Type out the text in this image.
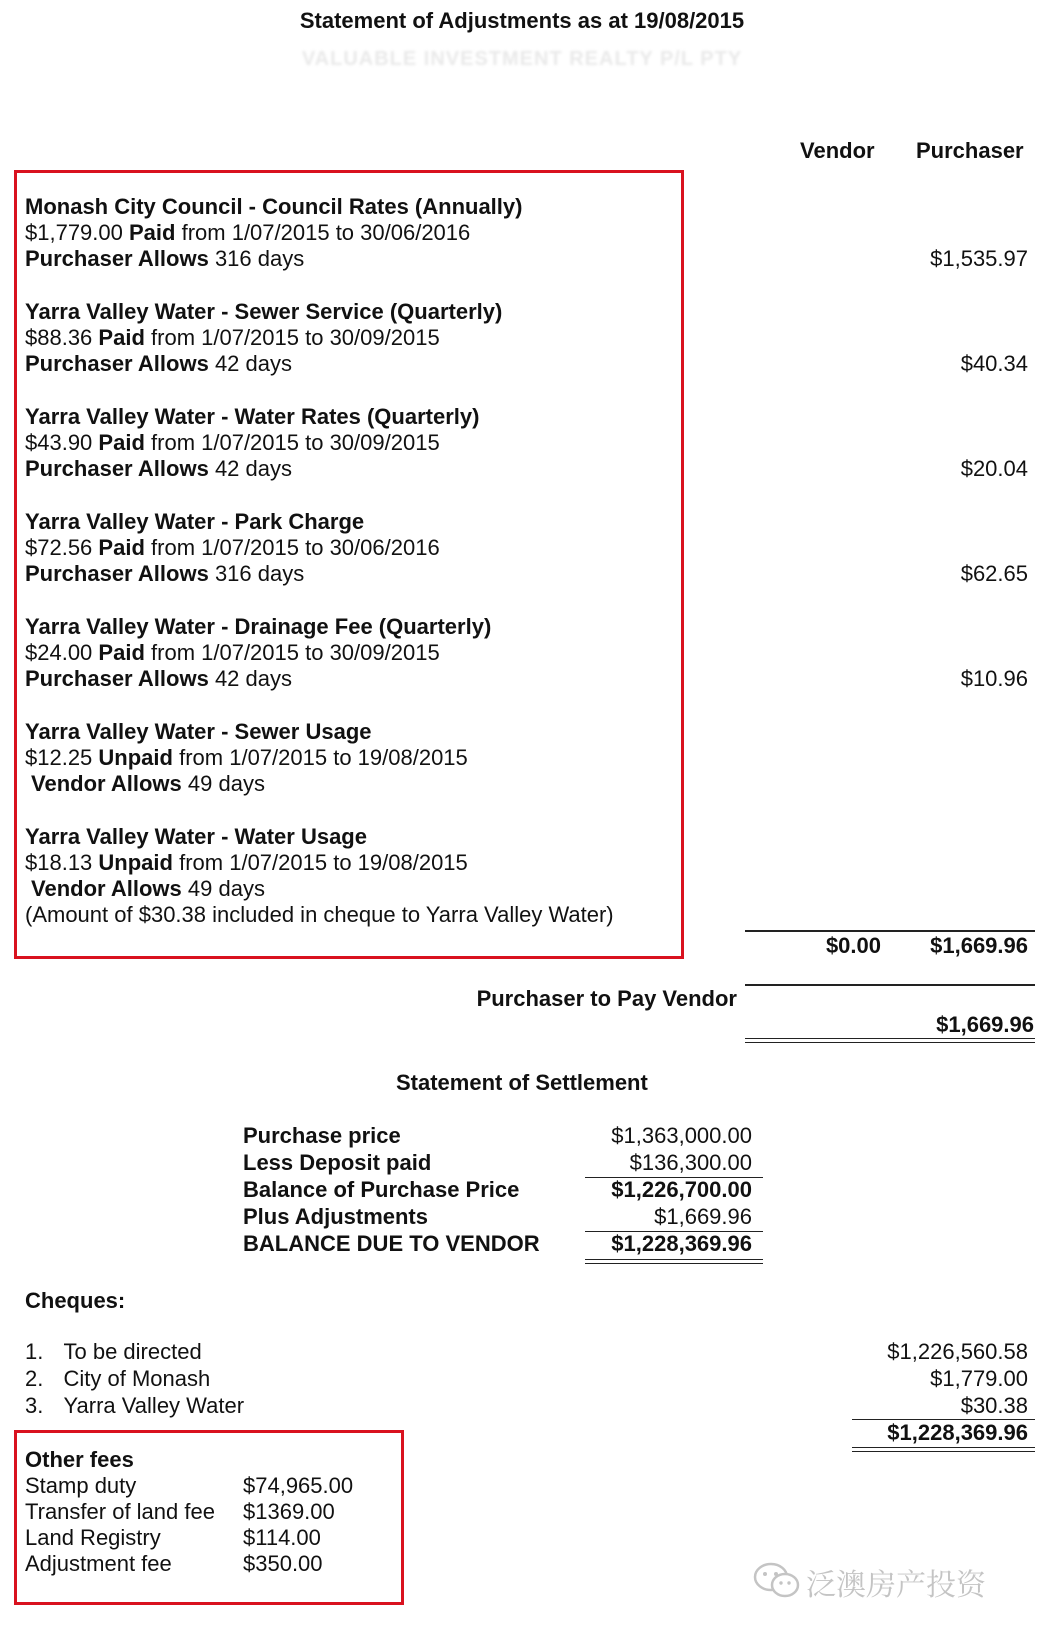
Statement of Adjustments as at 19/08/2015
VALUABLE INVESTMENT REALTY P/L PTY
Vendor Purchaser
Monash City Council - Council Rates (Annually)
$1,779.00 Paid from 1/07/2015 to 30/06/2016
Purchaser Allows 316 days	$1,535.97
Yarra Valley Water - Sewer Service (Quarterly)
$88.36 Paid from 1/07/2015 to 30/09/2015
Purchaser Allows 42 days	$40.34
Yarra Valley Water - Water Rates (Quarterly)
$43.90 Paid from 1/07/2015 to 30/09/2015
Purchaser Allows 42 days	$20.04
Yarra Valley Water - Park Charge
$72.56 Paid from 1/07/2015 to 30/06/2016
Purchaser Allows 316 days	$62.65
Yarra Valley Water - Drainage Fee (Quarterly)
$24.00 Paid from 1/07/2015 to 30/09/2015
Purchaser Allows 42 days	$10.96
Yarra Valley Water - Sewer Usage
$12.25 Unpaid from 1/07/2015 to 19/08/2015
Vendor Allows 49 days
Yarra Valley Water - Water Usage
$18.13 Unpaid from 1/07/2015 to 19/08/2015
Vendor Allows 49 days
(Amount of $30.38 included in cheque to Yarra Valley Water)
$0.00 $1,669.96
Purchaser to Pay Vendor
$1,669.96
Statement of Settlement
Purchase price	$1,363,000.00
Less Deposit paid	$136,300.00
Balance of Purchase Price	$1,226,700.00
Plus Adjustments	$1,669.96
BALANCE DUE TO VENDOR	$1,228,369.96
Cheques:
1. To be directed	$1,226,560.58
2. City of Monash	$1,779.00
3. Yarra Valley Water	$30.38
$1,228,369.96
Other fees
Stamp duty	$74,965.00
Transfer of land fee $1369.00
Land Registry	$114.00
Adjustment fee	$350.00
泛澳房产投资
